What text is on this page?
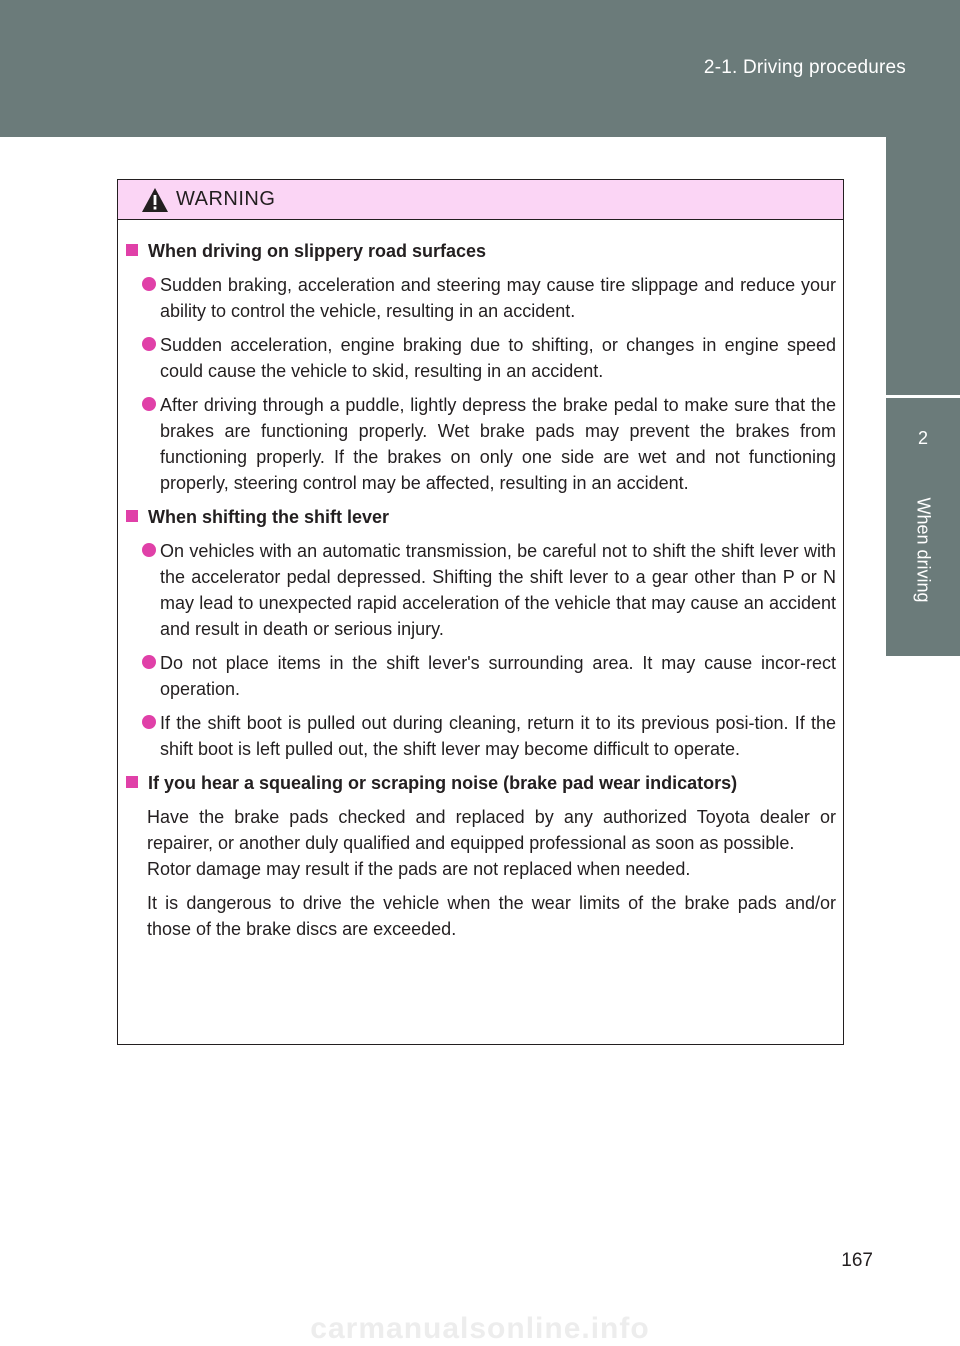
2-1. Driving procedures
2
When driving
WARNING
When driving on slippery road surfaces
Sudden braking, acceleration and steering may cause tire slippage and reduce your ability to control the vehicle, resulting in an accident.
Sudden acceleration, engine braking due to shifting, or changes in engine speed could cause the vehicle to skid, resulting in an accident.
After driving through a puddle, lightly depress the brake pedal to make sure that the brakes are functioning properly. Wet brake pads may prevent the brakes from functioning properly. If the brakes on only one side are wet and not functioning properly, steering control may be affected, resulting in an accident.
When shifting the shift lever
On vehicles with an automatic transmission, be careful not to shift the shift lever with the accelerator pedal depressed. Shifting the shift lever to a gear other than P or N may lead to unexpected rapid acceleration of the vehicle that may cause an accident and result in death or serious injury.
Do not place items in the shift lever's surrounding area. It may cause incor-rect operation.
If the shift boot is pulled out during cleaning, return it to its previous posi-tion. If the shift boot is left pulled out, the shift lever may become difficult to operate.
If you hear a squealing or scraping noise (brake pad wear indicators)
Have the brake pads checked and replaced by any authorized Toyota dealer or repairer, or another duly qualified and equipped professional as soon as possible.
Rotor damage may result if the pads are not replaced when needed.
It is dangerous to drive the vehicle when the wear limits of the brake pads and/or those of the brake discs are exceeded.
167
carmanualsonline.info
